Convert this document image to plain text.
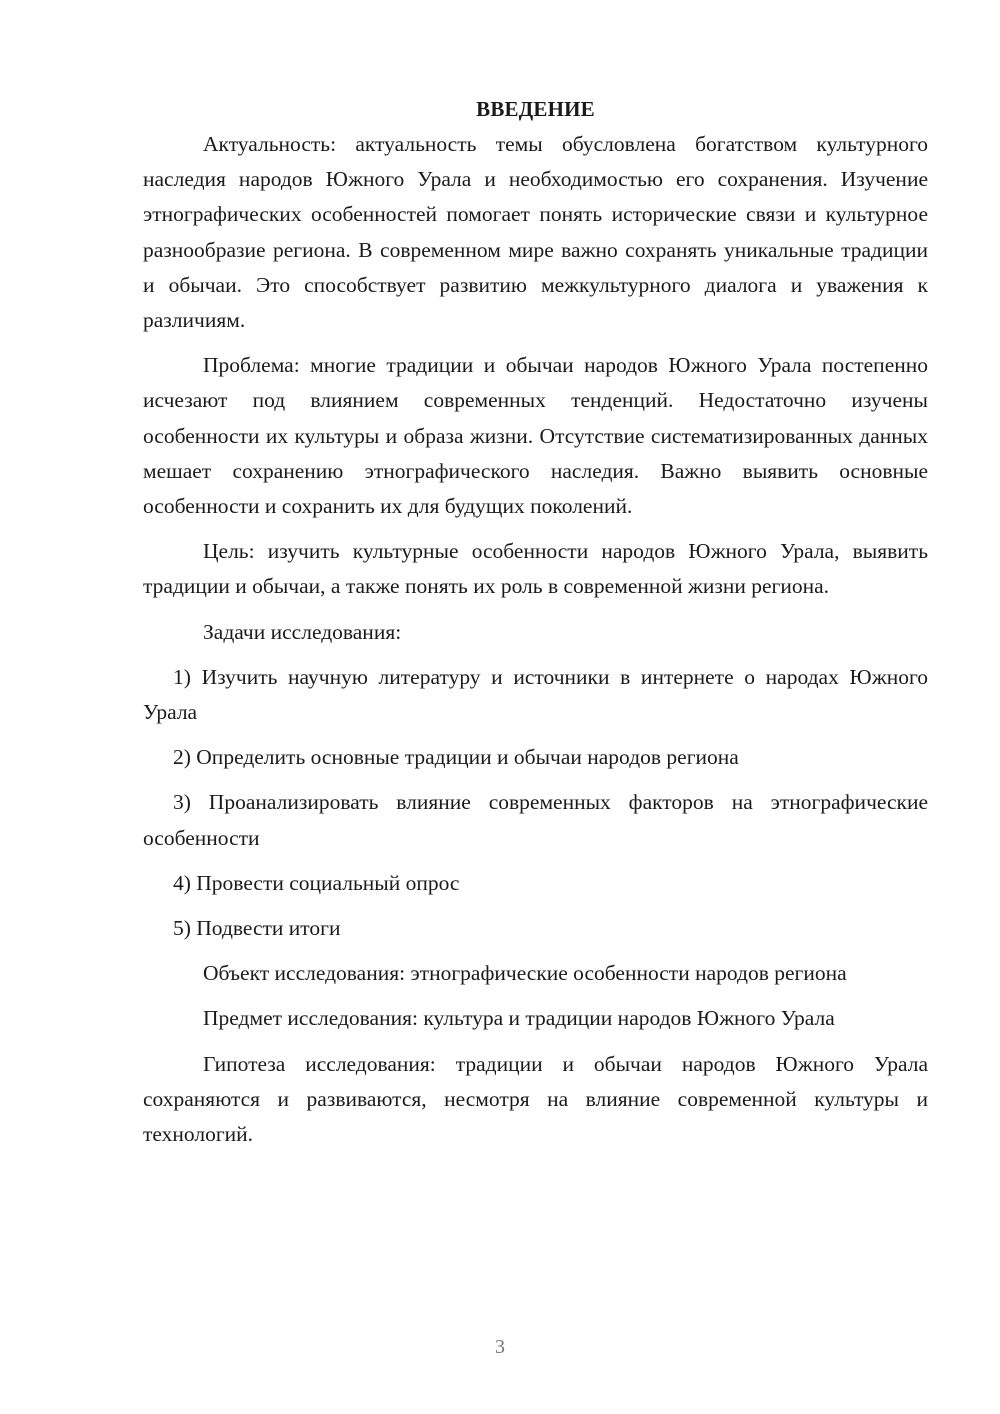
ВВЕДЕНИЕ

Актуальность: актуальность темы обусловлена богатством культурного наследия народов Южного Урала и необходимостью его сохранения. Изучение этнографических особенностей помогает понять исторические связи и культурное разнообразие региона. В современном мире важно сохранять уникальные традиции и обычаи. Это способствует развитию межкультурного диалога и уважения к различиям.

Проблема: многие традиции и обычаи народов Южного Урала постепенно исчезают под влиянием современных тенденций. Недостаточно изучены особенности их культуры и образа жизни. Отсутствие систематизированных данных мешает сохранению этнографического наследия. Важно выявить основные особенности и сохранить их для будущих поколений.

Цель: изучить культурные особенности народов Южного Урала, выявить традиции и обычаи, а также понять их роль в современной жизни региона.

Задачи исследования:

1) Изучить научную литературу и источники в интернете о народах Южного Урала

2) Определить основные традиции и обычаи народов региона

3) Проанализировать влияние современных факторов на этнографические особенности

4) Провести социальный опрос

5) Подвести итоги

Объект исследования: этнографические особенности народов региона

Предмет исследования: культура и традиции народов Южного Урала

Гипотеза исследования: традиции и обычаи народов Южного Урала сохраняются и развиваются, несмотря на влияние современной культуры и технологий.

3
